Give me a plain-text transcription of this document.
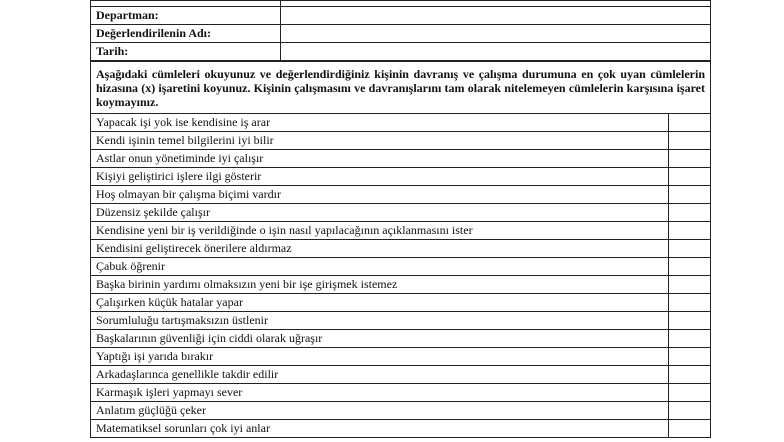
Departman:	
Değerlendirilenin Adı:	
Tarih:	
Aşağıdaki cümleleri okuyunuz ve değerlendirdiğiniz kişinin davranış ve çalışma durumuna en çok uyan cümlelerin hizasına (x) işaretini koyunuz. Kişinin çalışmasını ve davranışlarını tam olarak nitelemeyen cümlelerin karşısına işaret koymayınız.	
Yapacak işi yok ise kendisine iş arar	
Kendi işinin temel bilgilerini iyi bilir	
Astlar onun yönetiminde iyi çalışır	
Kişiyi geliştirici işlere ilgi gösterir	
Hoş olmayan bir çalışma biçimi vardır	
Düzensiz şekilde çalışır	
Kendisine yeni bir iş verildiğinde o işin nasıl yapılacağının açıklanmasını ister	
Kendisini geliştirecek önerilere aldırmaz	
Çabuk öğrenir	
Başka birinin yardımı olmaksızın yeni bir işe girişmek istemez	
Çalışırken küçük hatalar yapar	
Sorumluluğu tartışmaksızın üstlenir	
Başkalarının güvenliği için ciddi olarak uğraşır	
Yaptığı işi yarıda bırakır	
Arkadaşlarınca genellikle takdir edilir	
Karmaşık işleri yapmayı sever	
Anlatım güçlüğü çeker	
Matematiksel sorunları çok iyi anlar	
